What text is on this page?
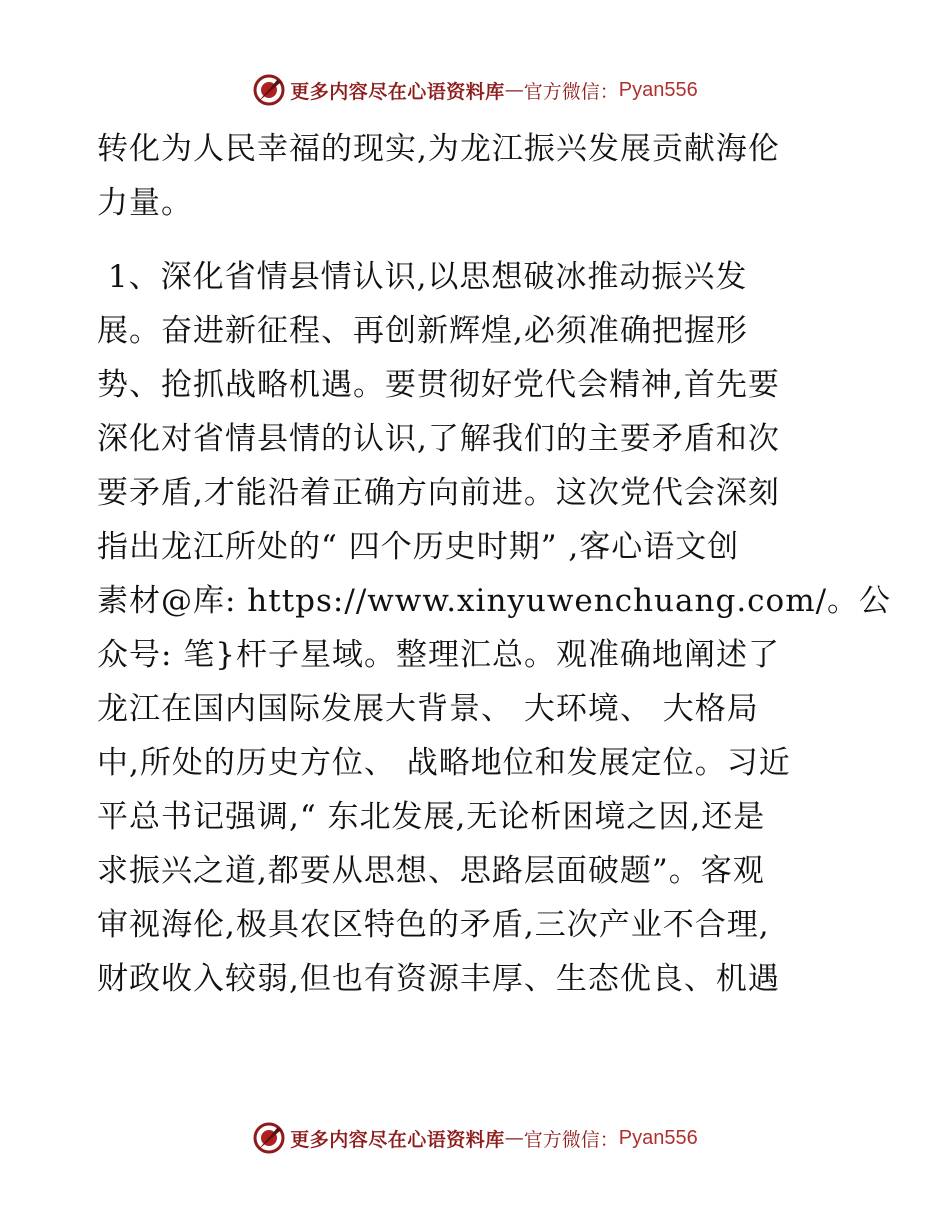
更多内容尽在心语资料库 — 官方微信： Pyan556

转化为人民幸福的现实,为龙江振兴发展贡献海伦
力量。

1、深化省情县情认识,以思想破冰推动振兴发
展。奋进新征程、再创新辉煌,必须准确把握形
势、抢抓战略机遇。要贯彻好党代会精神,首先要
深化对省情县情的认识,了解我们的主要矛盾和次
要矛盾,才能沿着正确方向前进。这次党代会深刻
指出龙江所处的“ 四个历史时期” ,客心语文创
素材@库: https://www.xinyuwenchuang.com/。公
众号: 笔}杆子星域。整理汇总。观准确地阐述了
龙江在国内国际发展大背景、 大环境、 大格局
中,所处的历史方位、 战略地位和发展定位。习近
平总书记强调,“ 东北发展,无论析困境之因,还是
求振兴之道,都要从思想、思路层面破题”。客观
审视海伦,极具农区特色的矛盾,三次产业不合理,
财政收入较弱,但也有资源丰厚、生态优良、机遇

更多内容尽在心语资料库 — 官方微信： Pyan556
